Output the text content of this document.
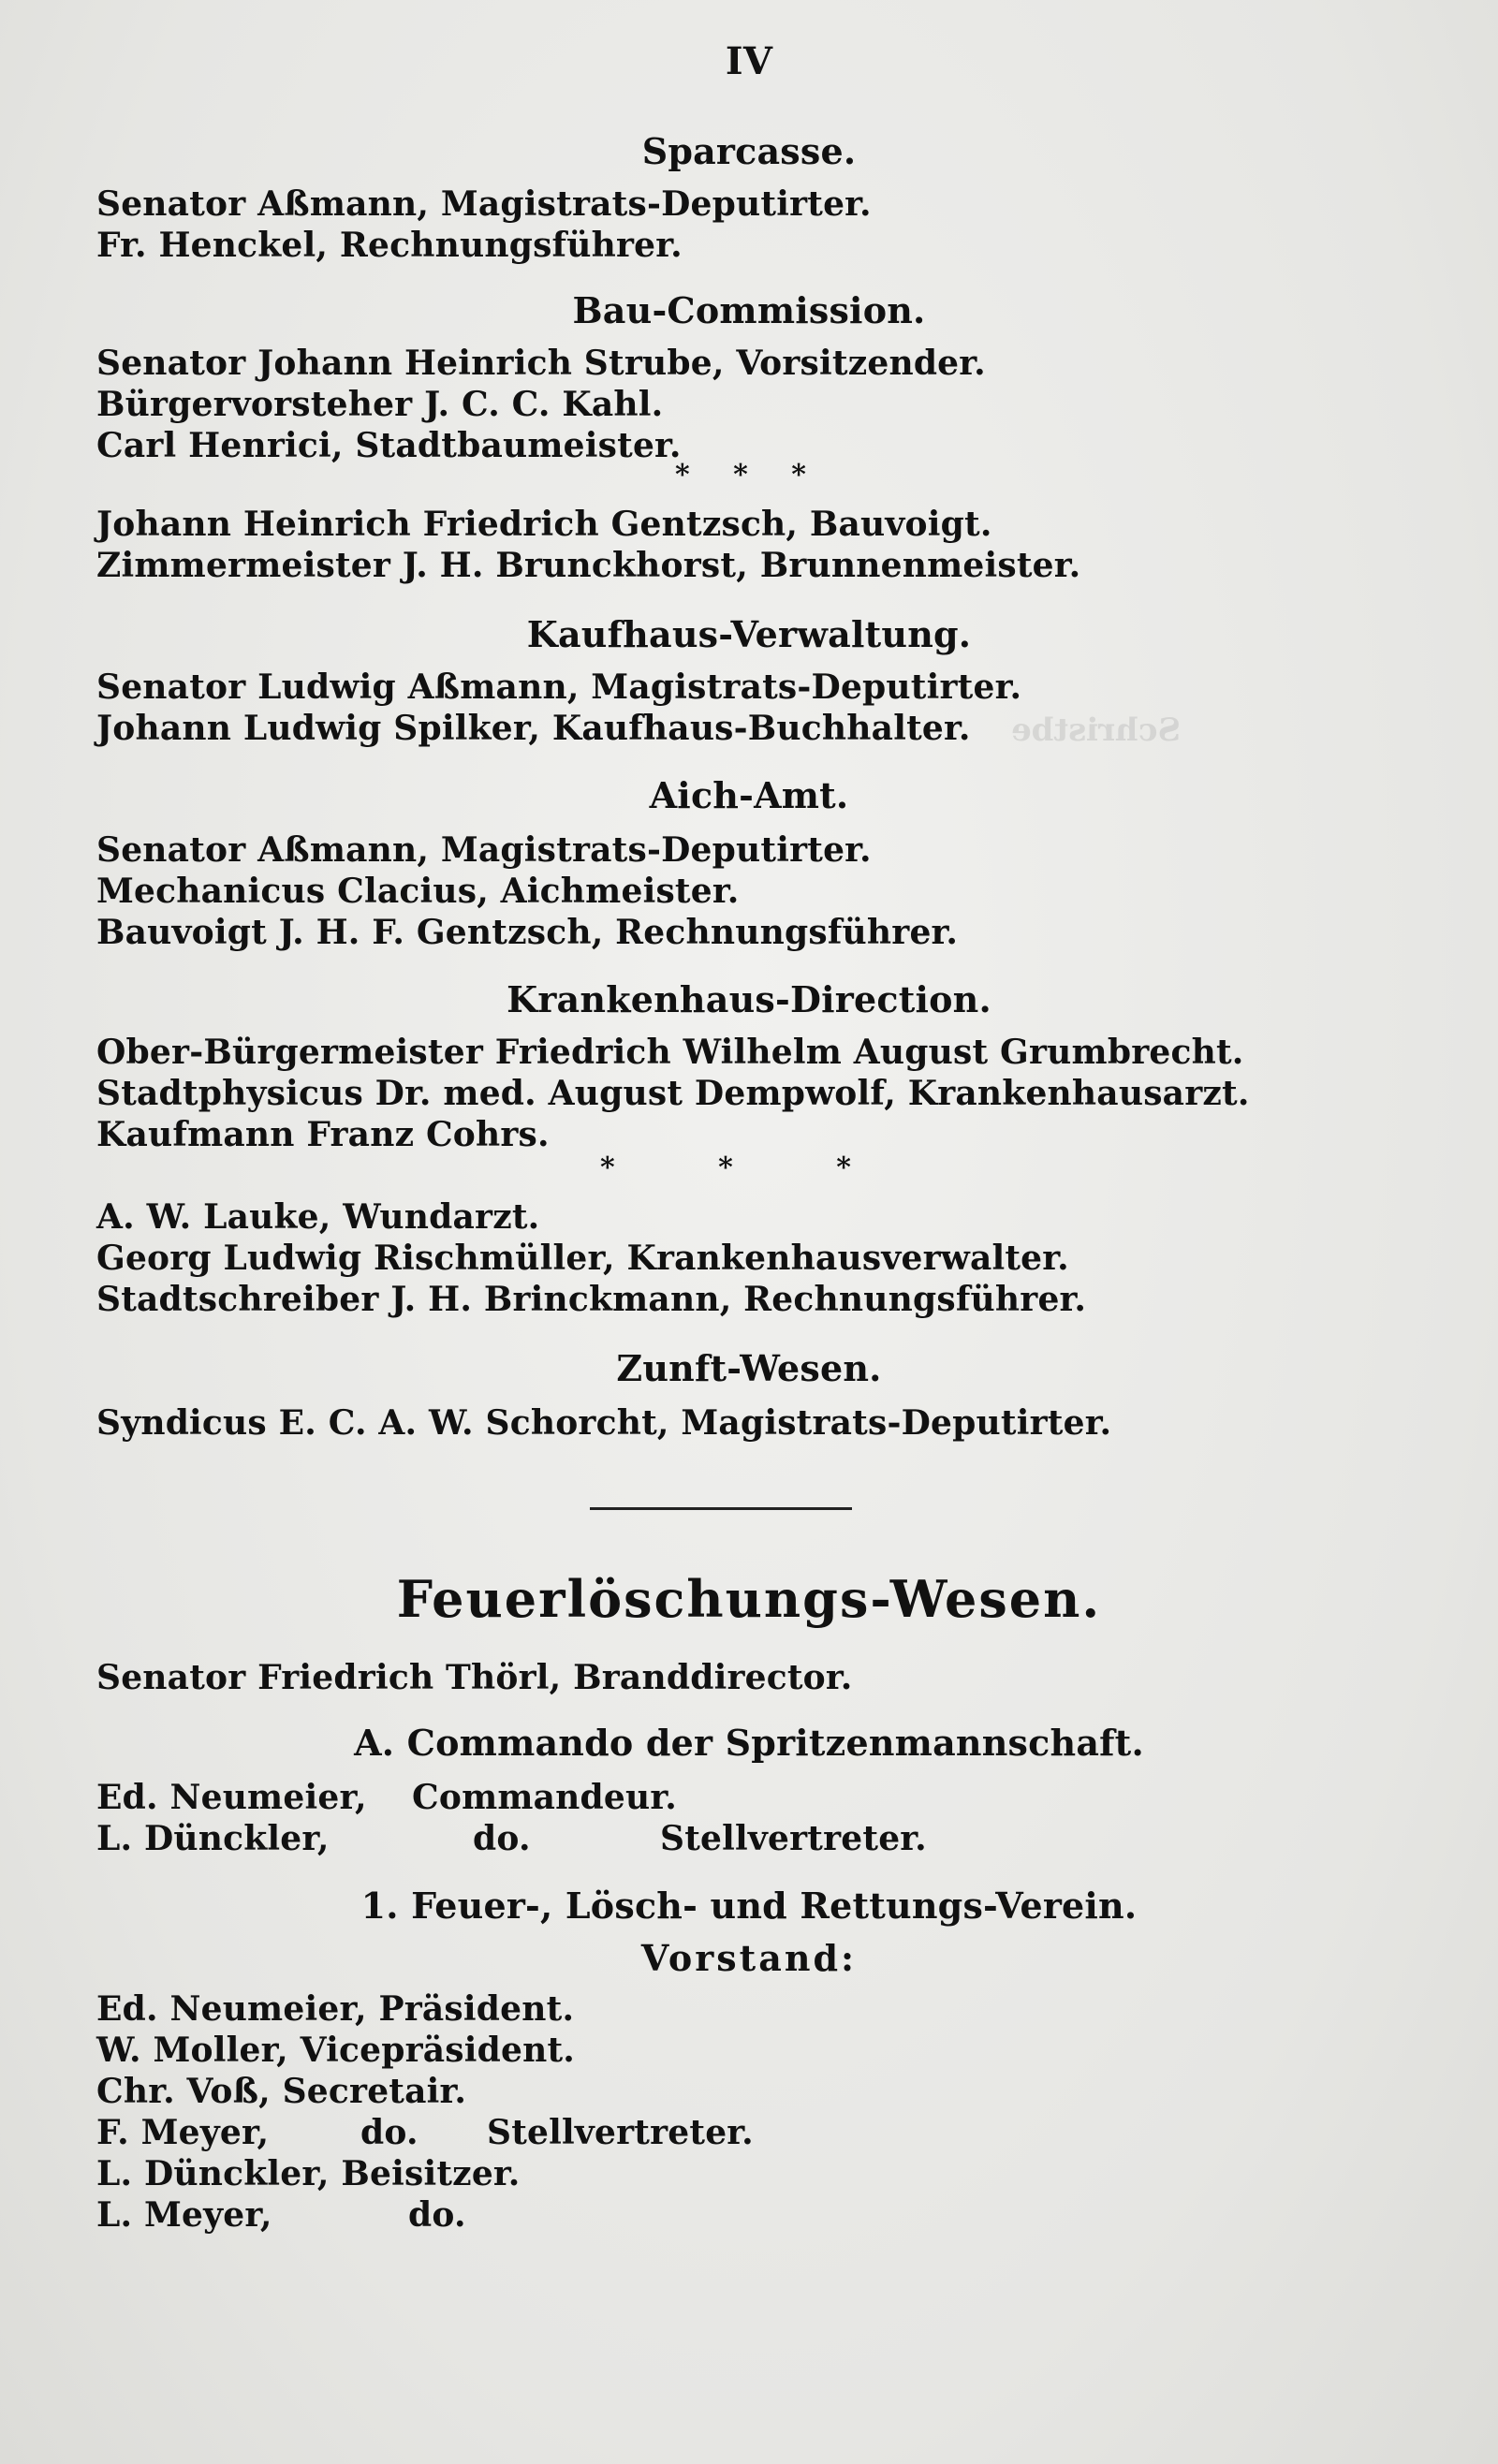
Schristbe
IV
Sparcasse.
Senator Aßmann, Magistrats-Deputirter.
Fr. Henckel, Rechnungsführer.
Bau-Commission.
Senator Johann Heinrich Strube, Vorsitzender.
Bürgervorsteher J. C. C. Kahl.
Carl Henrici, Stadtbaumeister.
* * *
Johann Heinrich Friedrich Gentzsch, Bauvoigt.
Zimmermeister J. H. Brunckhorst, Brunnenmeister.
Kaufhaus-Verwaltung.
Senator Ludwig Aßmann, Magistrats-Deputirter.
Johann Ludwig Spilker, Kaufhaus-Buchhalter.
Aich-Amt.
Senator Aßmann, Magistrats-Deputirter.
Mechanicus Clacius, Aichmeister.
Bauvoigt J. H. F. Gentzsch, Rechnungsführer.
Krankenhaus-Direction.
Ober-Bürgermeister Friedrich Wilhelm August Grumbrecht.
Stadtphysicus Dr. med. August Dempwolf, Krankenhausarzt.
Kaufmann Franz Cohrs.
* * *
A. W. Lauke, Wundarzt.
Georg Ludwig Rischmüller, Krankenhausverwalter.
Stadtschreiber J. H. Brinckmann, Rechnungsführer.
Zunft-Wesen.
Syndicus E. C. A. W. Schorcht, Magistrats-Deputirter.
Feuerlöschungs-Wesen.
Senator Friedrich Thörl, Branddirector.
A. Commando der Spritzenmannschaft.
Ed. Neumeier, Commandeur.
L. Dünckler,	do.	Stellvertreter.
1. Feuer-, Lösch- und Rettungs-Verein.
Vorstand:
Ed. Neumeier, Präsident.
W. Moller, Vicepräsident.
Chr. Voß, Secretair.
F. Meyer,	do. Stellvertreter.
L. Dünckler, Beisitzer.
L. Meyer,	do.
